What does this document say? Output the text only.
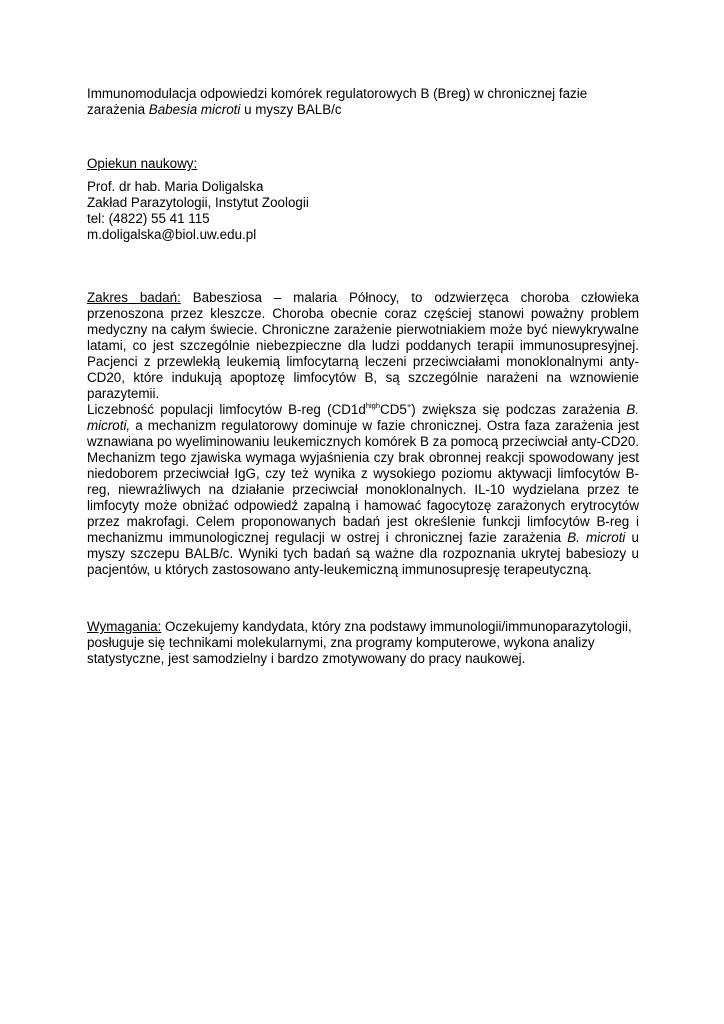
Immunomodulacja odpowiedzi komórek regulatorowych B (Breg) w chronicznej fazie
zarażenia Babesia microti u myszy BALB/c
Opiekun naukowy:
Prof. dr hab. Maria Doligalska
Zakład Parazytologii, Instytut Zoologii
tel: (4822) 55 41 115
m.doligalska@biol.uw.edu.pl
Zakres badań: Babesziosa – malaria Północy, to odzwierzęca choroba człowieka
przenoszona przez kleszcze. Choroba obecnie coraz częściej stanowi poważny problem
medyczny na całym świecie. Chroniczne zarażenie pierwotniakiem może być niewykrywalne
latami, co jest szczególnie niebezpieczne dla ludzi poddanych terapii immunosupresyjnej.
Pacjenci z przewlekłą leukemią limfocytarną leczeni przeciwciałami monoklonalnymi anty-
CD20, które indukują apoptozę limfocytów B, są szczególnie narażeni na wznowienie
parazytemii.
Liczebność populacji limfocytów B-reg $(CD1d^{high}CD5^+)$ zwiększa się podczas zarażenia B.
microti, a mechanizm regulatorowy dominuje w fazie chronicznej. Ostra faza zarażenia jest
wznawiana po wyeliminowaniu leukemicznych komórek B za pomocą przeciwciał anty-CD20.
Mechanizm tego zjawiska wymaga wyjaśnienia czy brak obronnej reakcji spowodowany jest
niedoborem przeciwciał IgG, czy też wynika z wysokiego poziomu aktywacji limfocytów B-
reg, niewrażliwych na działanie przeciwciał monoklonalnych. IL-10 wydzielana przez te
limfocyty może obniżać odpowiedź zapalną i hamować fagocytozę zarażonych erytrocytów
przez makrofagi. Celem proponowanych badań jest określenie funkcji limfocytów B-reg i
mechanizmu immunologicznej regulacji w ostrej i chronicznej fazie zarażenia B. microti u
myszy szczepu BALB/c. Wyniki tych badań są ważne dla rozpoznania ukrytej babesiozy u
pacjentów, u których zastosowano anty-leukemiczną immunosupresję terapeutyczną.
Wymagania: Oczekujemy kandydata, który zna podstawy immunologii/immunoparazytologii,
posługuje się technikami molekularnymi, zna programy komputerowe, wykona analizy
statystyczne, jest samodzielny i bardzo zmotywowany do pracy naukowej.
